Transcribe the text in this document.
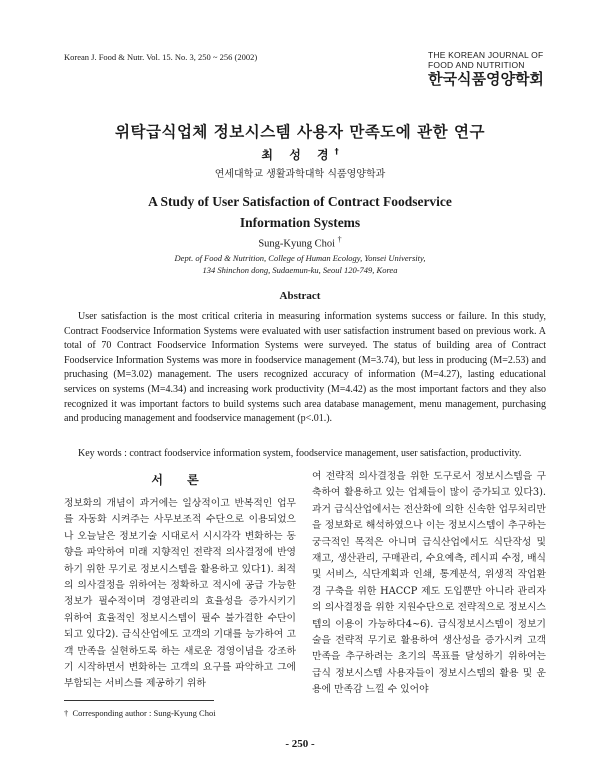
Korean J. Food & Nutr. Vol. 15. No. 3, 250 ~ 256 (2002)	THE KOREAN JOURNAL OF
FOOD AND NUTRITION
한국식품영양학회
위탁급식업체 정보시스템 사용자 만족도에 관한 연구
최 성 경†
연세대학교 생활과학대학 식품영양학과
A Study of User Satisfaction of Contract Foodservice
Information Systems
Sung-Kyung Choi †
Dept. of Food & Nutrition, College of Human Ecology, Yonsei University,
134 Shinchon dong, Sudaemun-ku, Seoul 120-749, Korea
Abstract

User satisfaction is the most critical criteria in measuring information systems success or failure. In this study, Contract Foodservice Information Systems were evaluated with user satisfaction instrument based on previous work. A total of 70 Contract Foodservice Information Systems were surveyed. The status of building area of Contract Foodservice Information Systems was more in foodservice management (M=3.74), but less in producing (M=2.53) and pruchasing (M=3.02) management. The users recognized accuracy of information (M=4.27), lasting educational services on systems (M=4.34) and increasing work productivity (M=4.42) as the most important factors and they also recognized it was important factors to build systems such area database management, menu management, purchasing and producing management and foodservice management (p<.01.).

Key words : contract foodservice information system, foodservice management, user satisfaction, productivity.

서 론

정보화의 개념이 과거에는 일상적이고 반복적인 업무를 자동화 시켜주는 사무보조적 수단으로 이용되었으나 오늘날은 정보기술 시대로서 시시각각 변화하는 동향을 파악하여 미래 지향적인 전략적 의사결정에 반영하기 위한 무기로 정보시스템을 활용하고 있다1). 최적의 의사결정을 위하여는 정확하고 적시에 공급 가능한 정보가 필수적이며 경영관리의 효율성을 증가시키기 위하여 효율적인 정보시스템이 필수 불가결한 수단이 되고 있다2). 급식산업에도 고객의 기대를 능가하여 고객 만족을 실현하도록 하는 새로운 경영이념을 강조하기 시작하면서 변화하는 고객의 요구를 파악하고 그에 부합되는 서비스를 제공하기 위하

여 전략적 의사결정을 위한 도구로서 정보시스템을 구축하여 활용하고 있는 업체들이 많이 증가되고 있다3). 과거 급식산업에서는 전산화에 의한 신속한 업무처리만을 정보화로 해석하였으나 이는 정보시스템이 추구하는 궁극적인 목적은 아니며 급식산업에서도 식단작성 및 재고, 생산관리, 구매관리, 수요예측, 레시피 수정, 배식 및 서비스, 식단계획과 인쇄, 통계분석, 위생적 작업환경 구축을 위한 HACCP 제도 도입뿐만 아니라 관리자의 의사결정을 위한 지원수단으로 전략적으로 정보시스템의 이용이 가능하다4~6). 급식정보시스템이 정보기술을 전략적 무기로 활용하여 생산성을 증가시켜 고객만족을 추구하려는 초기의 목표를 달성하기 위하여는 급식 정보시스템 사용자들이 정보시스템의 활용 및 운용에 만족감 느낄 수 있어야

† Corresponding author : Sung-Kyung Choi
- 250 -
